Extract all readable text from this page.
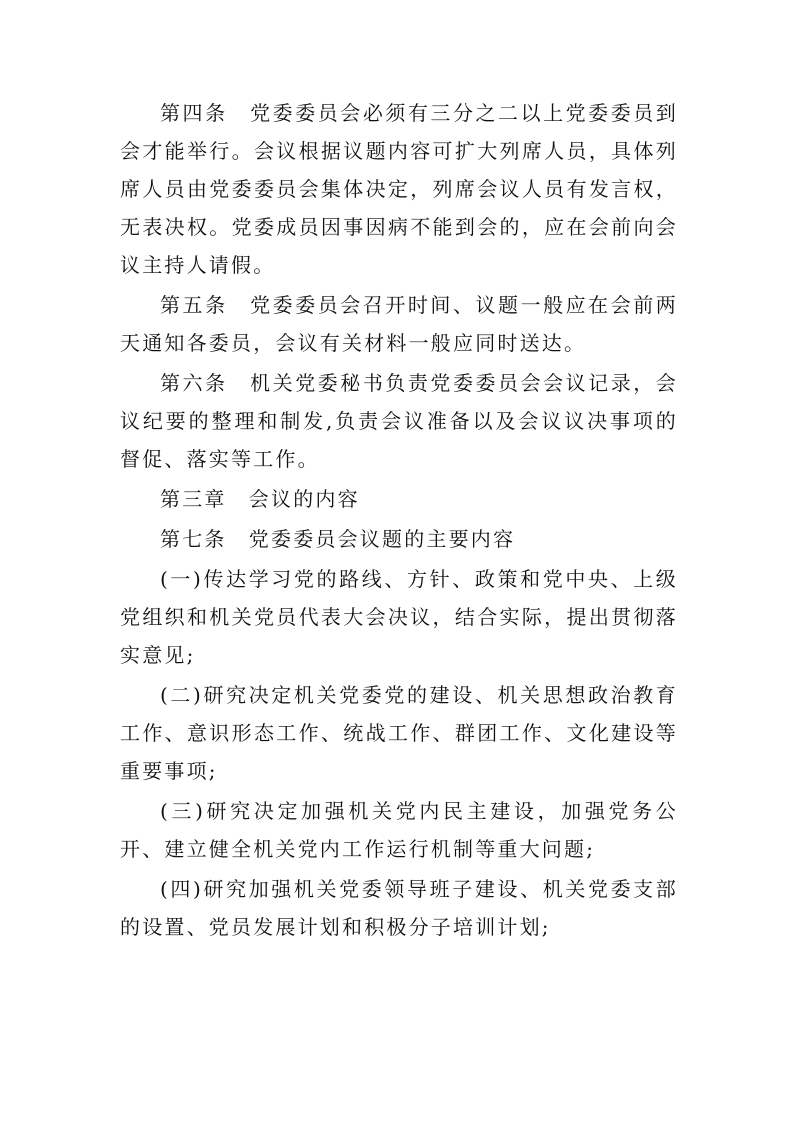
第四条　党委委员会必须有三分之二以上党委委员到会才能举行。会议根据议题内容可扩大列席人员，具体列席人员由党委委员会集体决定，列席会议人员有发言权，无表决权。党委成员因事因病不能到会的，应在会前向会议主持人请假。

第五条　党委委员会召开时间、议题一般应在会前两天通知各委员，会议有关材料一般应同时送达。

第六条　机关党委秘书负责党委委员会会议记录，会议纪要的整理和制发,负责会议准备以及会议议决事项的督促、落实等工作。

第三章　会议的内容

第七条　党委委员会议题的主要内容

(一)传达学习党的路线、方针、政策和党中央、上级党组织和机关党员代表大会决议，结合实际，提出贯彻落实意见;

(二)研究决定机关党委党的建设、机关思想政治教育工作、意识形态工作、统战工作、群团工作、文化建设等重要事项;

(三)研究决定加强机关党内民主建设，加强党务公开、建立健全机关党内工作运行机制等重大问题;

(四)研究加强机关党委领导班子建设、机关党委支部的设置、党员发展计划和积极分子培训计划;
